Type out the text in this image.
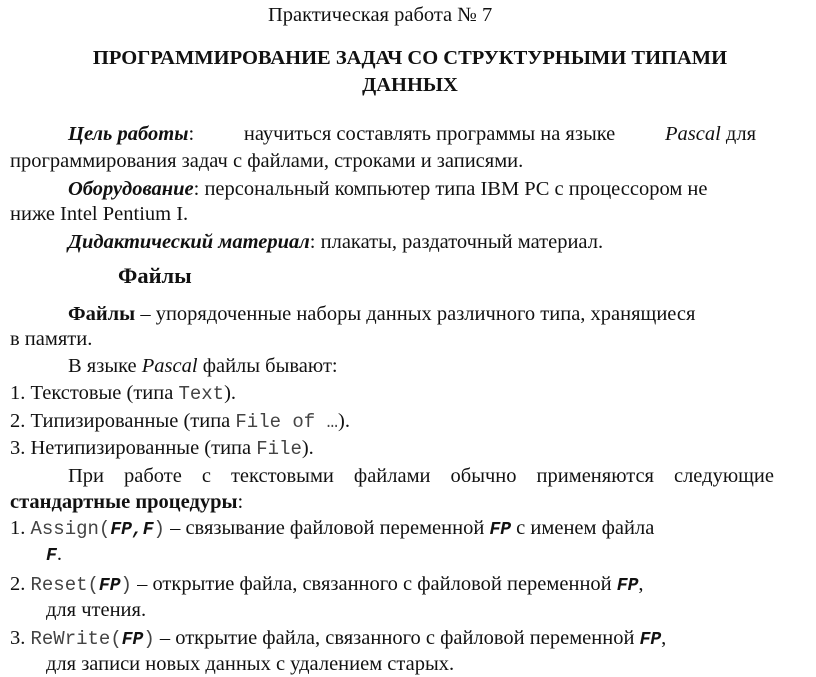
Практическая работа № 7
ПРОГРАММИРОВАНИЕ ЗАДАЧ СО СТРУКТУРНЫМИ ТИПАМИ
ДАННЫХ
Цель работы: научиться составлять программы на языке Pascal для
программирования задач с файлами, строками и записями.
Оборудование: персональный компьютер типа IBM PC с процессором не
ниже Intel Pentium I.
Дидактический материал: плакаты, раздаточный материал.
Файлы
Файлы – упорядоченные наборы данных различного типа, хранящиеся
в памяти.
В языке Pascal файлы бывают:
1. Текстовые (типа Text).
2. Типизированные (типа File of …).
3. Нетипизированные (типа File).
При работе с текстовыми файлами обычно применяются следующие
стандартные процедуры:
1. Assign(FP,F) – связывание файловой переменной FP с именем файла
F.
2. Reset(FP) – открытие файла, связанного с файловой переменной FP,
для чтения.
3. ReWrite(FP) – открытие файла, связанного с файловой переменной FP,
для записи новых данных с удалением старых.
